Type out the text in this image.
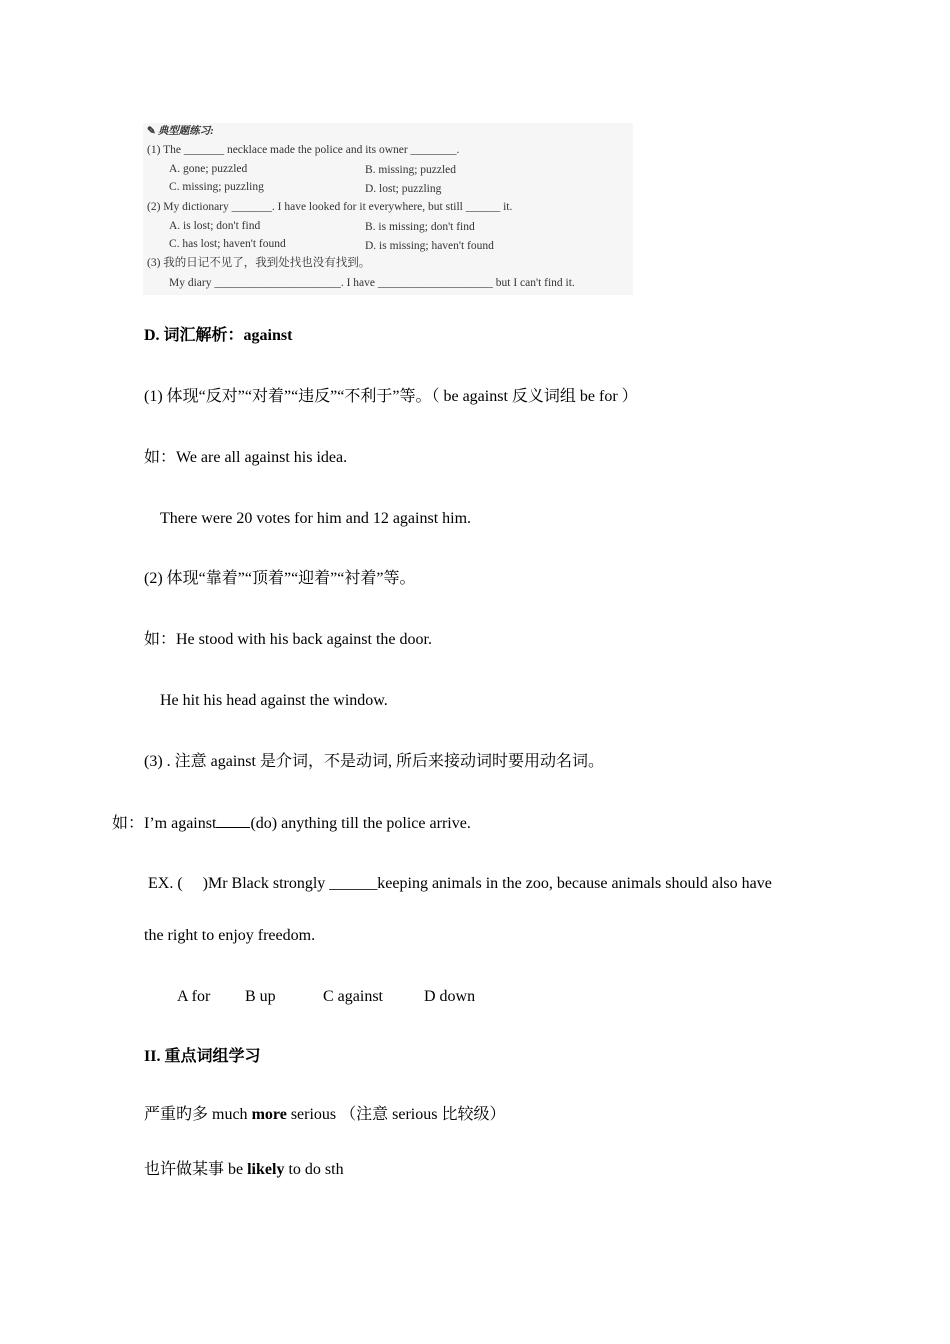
✎ 典型题练习:
(1) The _______ necklace made the police and its owner ________.
A. gone; puzzled	B. missing; puzzled
C. missing; puzzling	D. lost; puzzling
(2) My dictionary _______. I have looked for it everywhere, but still ______ it.
A. is lost; don't find	B. is missing; don't find
C. has lost; haven't found	D. is missing; haven't found
(3) 我的日记不见了，我到处找也没有找到。
My diary ______________________. I have ____________________ but I can't find it.
D. 词汇解析：against
(1) 体现“反对”“对着”“违反”“不利于”等。（ be against 反义词组 be for ）
如：We are all against his idea.
There were 20 votes for him and 12 against him.
(2) 体现“靠着”“顶着”“迎着”“衬着”等。
如：He stood with his back against the door.
He hit his head against the window.
(3) . 注意 against 是介词，不是动词, 所后来接动词时要用动名词。
如：I’m against (do) anything till the police arrive.
EX. (     )Mr Black strongly ______keeping animals in the zoo, because animals should also have
the right to enjoy freedom.
A for B up	C against	D down
II. 重点词组学习
严重旳多 much more serious （注意 serious 比较级）
也许做某事 be likely to do sth
